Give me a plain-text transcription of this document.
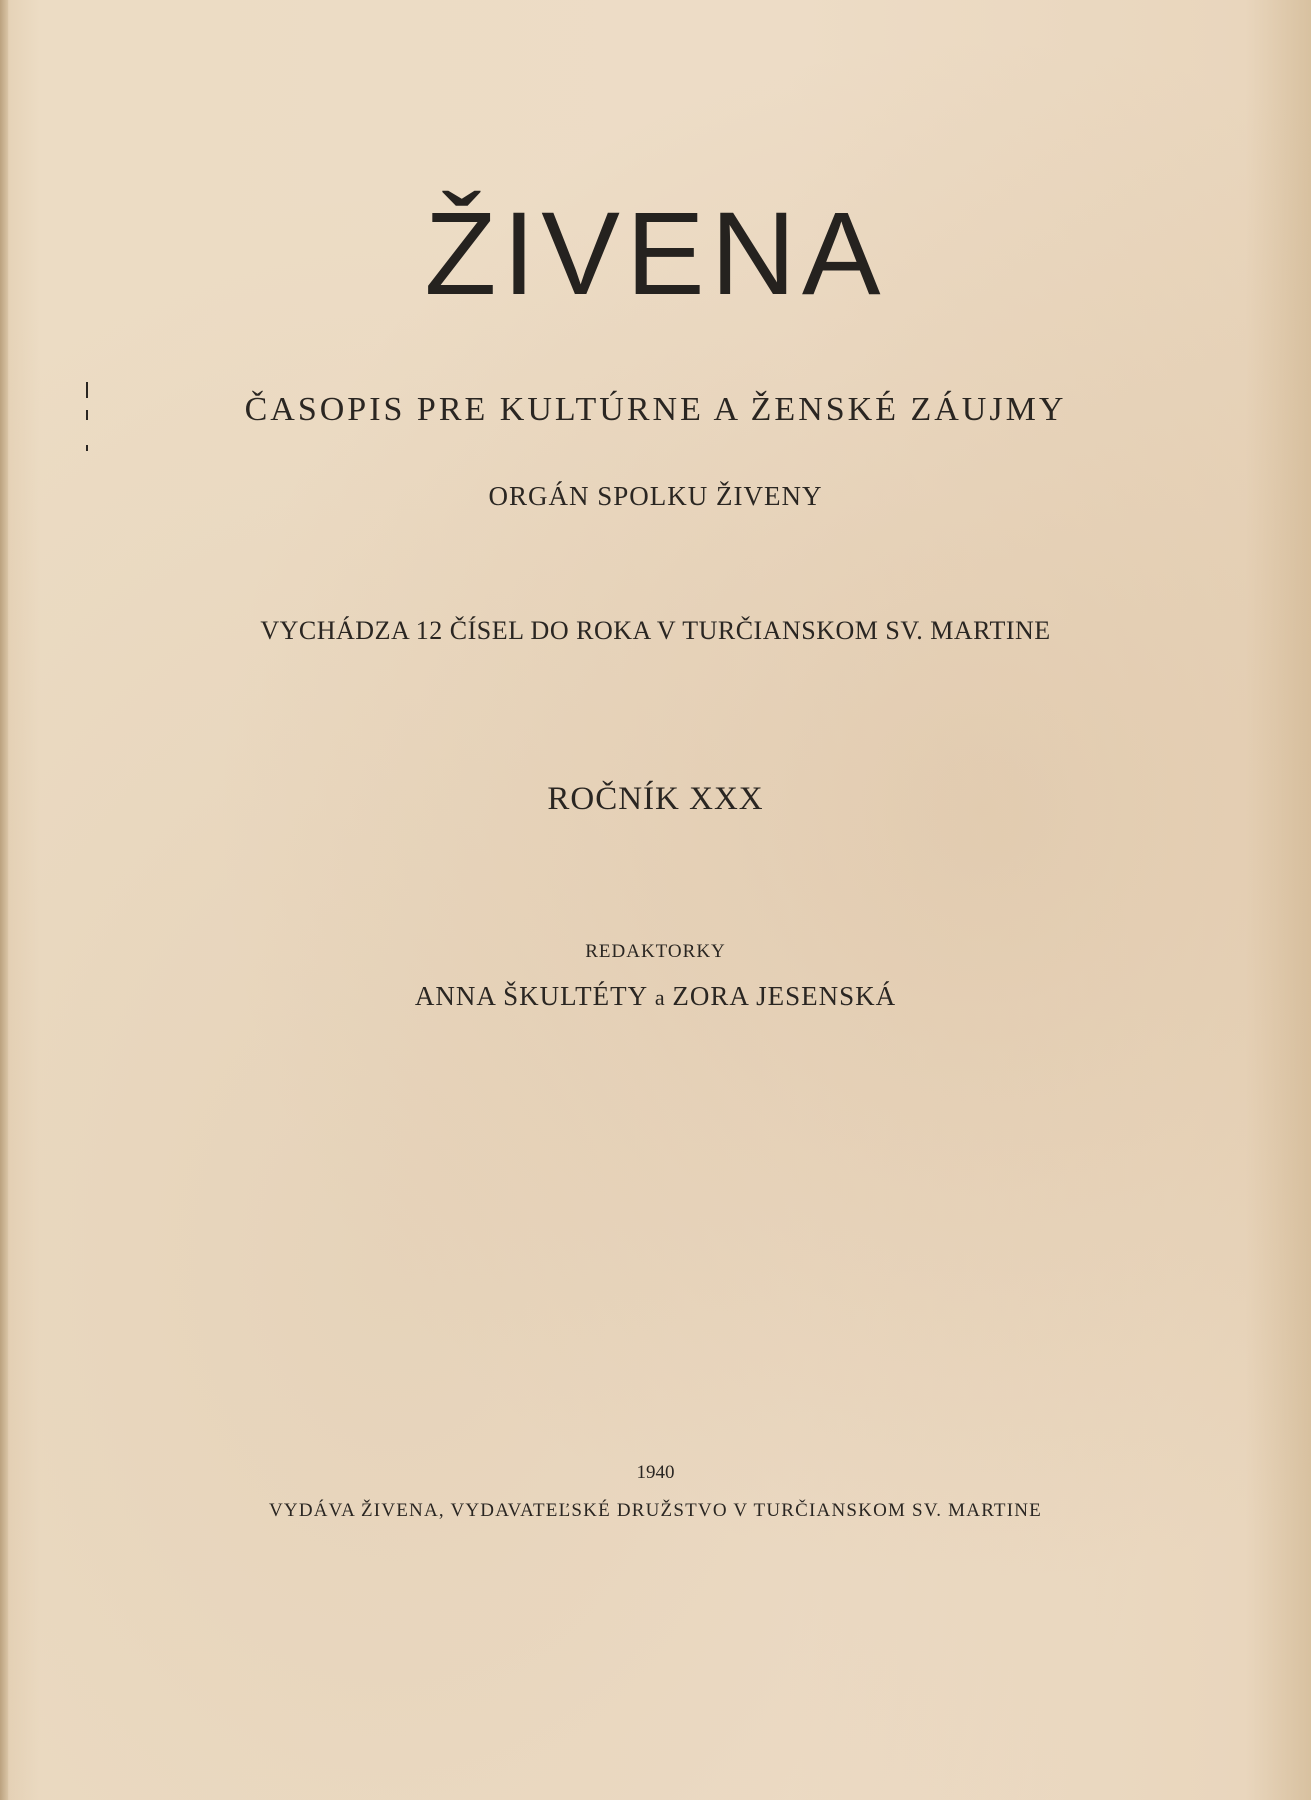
ŽIVENA

ČASOPIS PRE KULTÚRNE A ŽENSKÉ ZÁUJMY

ORGÁN SPOLKU ŽIVENY

VYCHÁDZA 12 ČÍSEL DO ROKA V TURČIANSKOM SV. MARTINE

ROČNÍK XXX

REDAKTORKY

ANNA ŠKULTÉTY a ZORA JESENSKÁ

1940

VYDÁVA ŽIVENA, VYDAVATEĽSKÉ DRUŽSTVO V TURČIANSKOM SV. MARTINE
